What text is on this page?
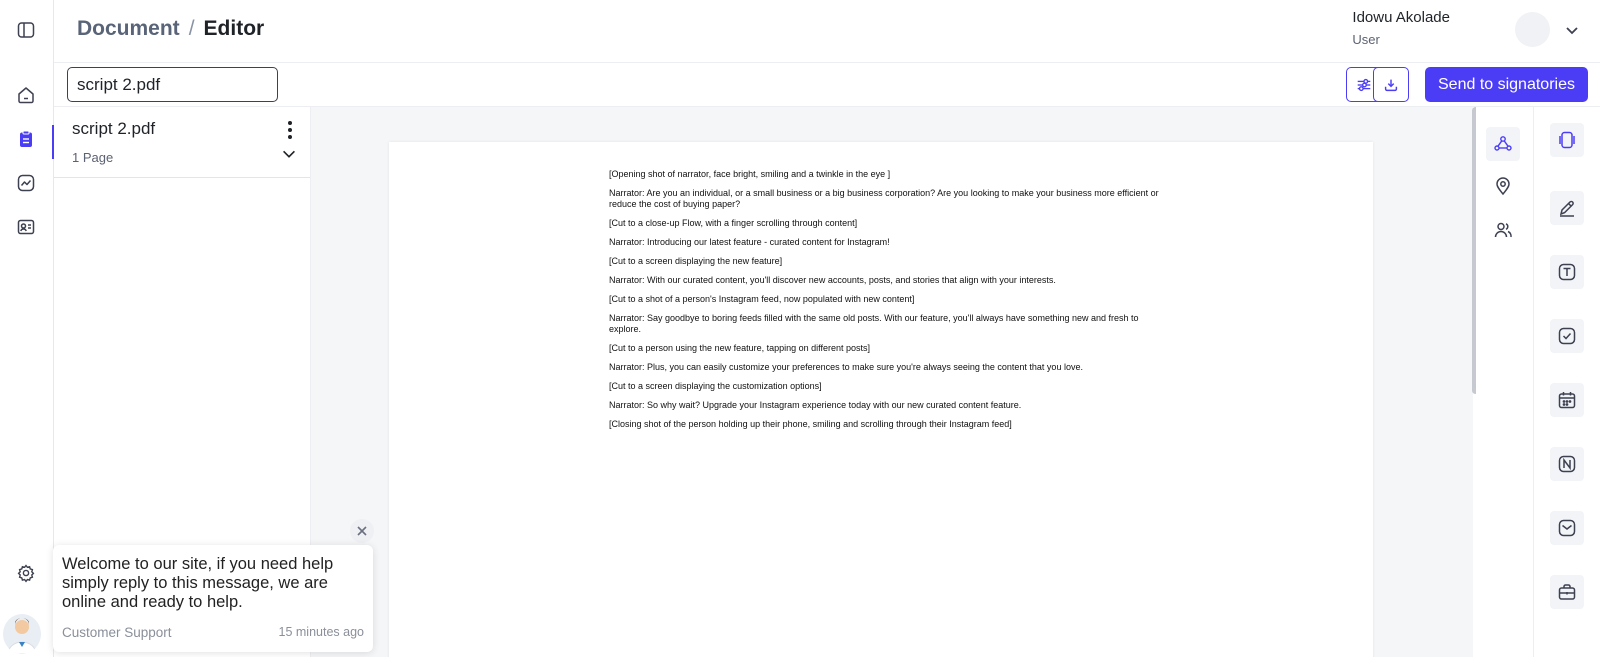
Document / Editor	Idowu Akolade
User
script 2.pdf
Send to signatories
script 2.pdf
1 Page

[Opening shot of narrator, face bright, smiling and a twinkle in the eye ]

Narrator: Are you an individual, or a small business or a big business corporation? Are you looking to make your business more efficient or reduce the cost of buying paper?

[Cut to a close-up Flow, with a finger scrolling through content]

Narrator: Introducing our latest feature - curated content for Instagram!

[Cut to a screen displaying the new feature]

Narrator: With our curated content, you'll discover new accounts, posts, and stories that align with your interests.

[Cut to a shot of a person's Instagram feed, now populated with new content]

Narrator: Say goodbye to boring feeds filled with the same old posts. With our feature, you'll always have something new and fresh to explore.

[Cut to a person using the new feature, tapping on different posts]

Narrator: Plus, you can easily customize your preferences to make sure you're always seeing the content that you love.

[Cut to a screen displaying the customization options]

Narrator: So why wait? Upgrade your Instagram experience today with our new curated content feature.

[Closing shot of the person holding up their phone, smiling and scrolling through their Instagram feed]

Welcome to our site, if you need help simply reply to this message, we are online and ready to help.
Customer Support	15 minutes ago
